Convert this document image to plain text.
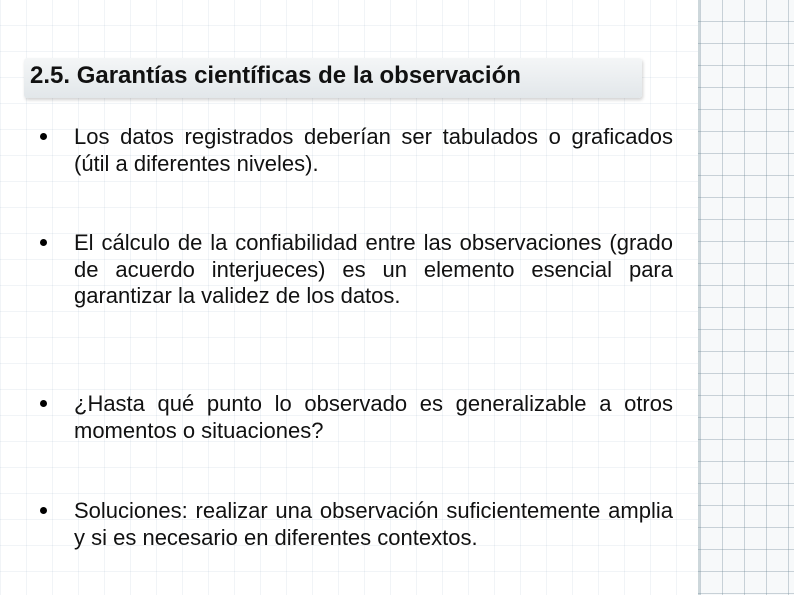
2.5. Garantías científicas de la observación
Los datos registrados deberían ser tabulados o graficados (útil a diferentes niveles).
El cálculo de la confiabilidad entre las observaciones (grado de acuerdo interjueces) es un elemento esencial para garantizar la validez de los datos.
¿Hasta qué punto lo observado es generalizable a otros momentos o situaciones?
Soluciones: realizar una observación suficientemente amplia y si es necesario en diferentes contextos.
